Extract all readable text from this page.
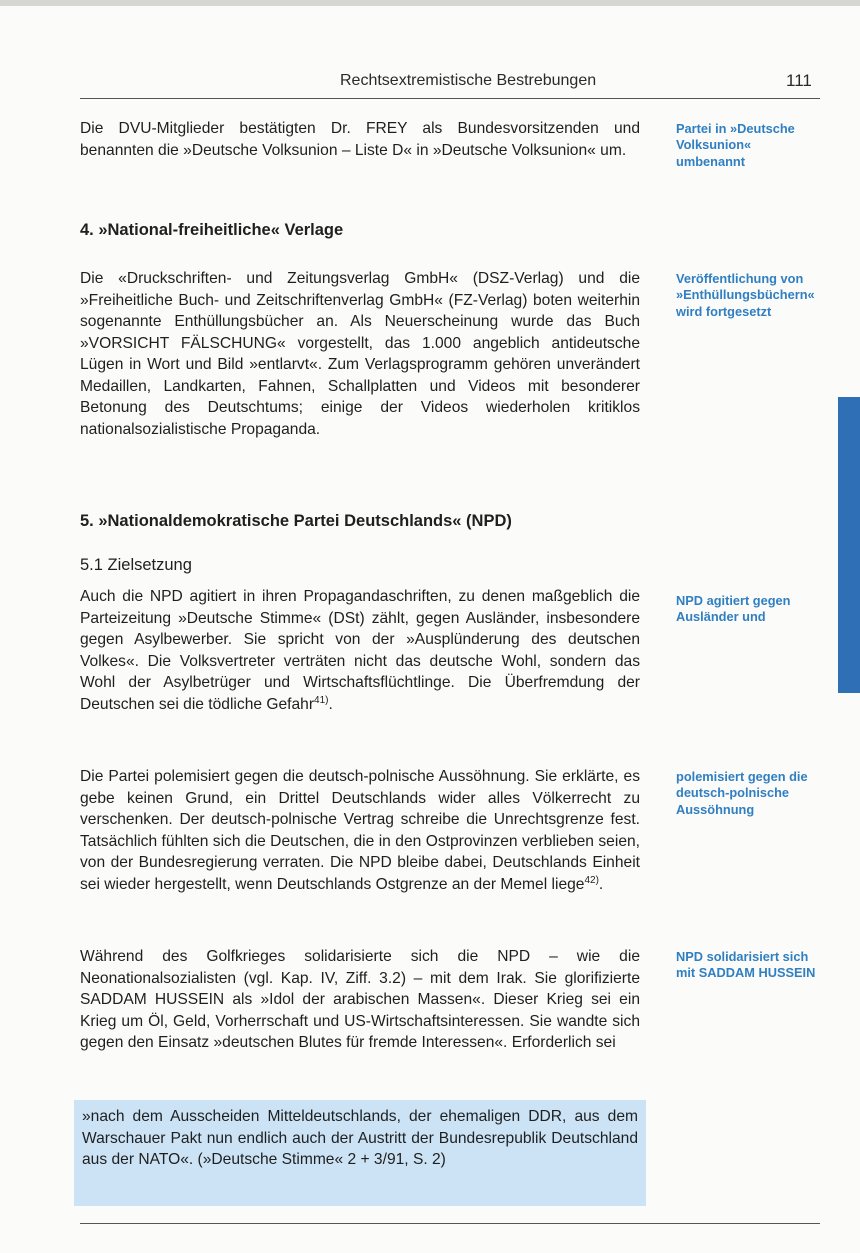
Rechtsextremistische Bestrebungen	111
Die DVU-Mitglieder bestätigten Dr. FREY als Bundesvorsitzenden und benannten die »Deutsche Volksunion – Liste D« in »Deutsche Volksunion« um.
Partei in »Deutsche Volksunion« umbenannt
4. »National-freiheitliche« Verlage
Die «Druckschriften- und Zeitungsverlag GmbH« (DSZ-Verlag) und die »Freiheitliche Buch- und Zeitschriftenverlag GmbH« (FZ-Verlag) boten weiterhin sogenannte Enthüllungsbücher an. Als Neuerscheinung wurde das Buch »VORSICHT FÄLSCHUNG« vorgestellt, das 1.000 angeblich antideutsche Lügen in Wort und Bild »entlarvt«. Zum Verlagsprogramm gehören unverändert Medaillen, Landkarten, Fahnen, Schallplatten und Videos mit besonderer Betonung des Deutschtums; einige der Videos wiederholen kritiklos nationalsozialistische Propaganda.
Veröffentlichung von »Enthüllungsbüchern« wird fortgesetzt
5. »Nationaldemokratische Partei Deutschlands« (NPD)
5.1 Zielsetzung
Auch die NPD agitiert in ihren Propagandaschriften, zu denen maßgeblich die Parteizeitung »Deutsche Stimme« (DSt) zählt, gegen Ausländer, insbesondere gegen Asylbewerber. Sie spricht von der »Ausplünderung des deutschen Volkes«. Die Volksvertreter verträten nicht das deutsche Wohl, sondern das Wohl der Asylbetrüger und Wirtschaftsflüchtlinge. Die Überfremdung der Deutschen sei die tödliche Gefahr$^{41)}$.
NPD agitiert gegen Ausländer und
Die Partei polemisiert gegen die deutsch-polnische Aussöhnung. Sie erklärte, es gebe keinen Grund, ein Drittel Deutschlands wider alles Völkerrecht zu verschenken. Der deutsch-polnische Vertrag schreibe die Unrechtsgrenze fest. Tatsächlich fühlten sich die Deutschen, die in den Ostprovinzen verblieben seien, von der Bundesregierung verraten. Die NPD bleibe dabei, Deutschlands Einheit sei wieder hergestellt, wenn Deutschlands Ostgrenze an der Memel liege$^{42)}$.
polemisiert gegen die deutsch-polnische Aussöhnung
Während des Golfkrieges solidarisierte sich die NPD – wie die Neonationalsozialisten (vgl. Kap. IV, Ziff. 3.2) – mit dem Irak. Sie glorifizierte SADDAM HUSSEIN als »Idol der arabischen Massen«. Dieser Krieg sei ein Krieg um Öl, Geld, Vorherrschaft und US-Wirtschaftsinteressen. Sie wandte sich gegen den Einsatz »deutschen Blutes für fremde Interessen«. Erforderlich sei
NPD solidarisiert sich mit SADDAM HUSSEIN
»nach dem Ausscheiden Mitteldeutschlands, der ehemaligen DDR, aus dem Warschauer Pakt nun endlich auch der Austritt der Bundesrepublik Deutschland aus der NATO«. (»Deutsche Stimme« 2 + 3/91, S. 2)
